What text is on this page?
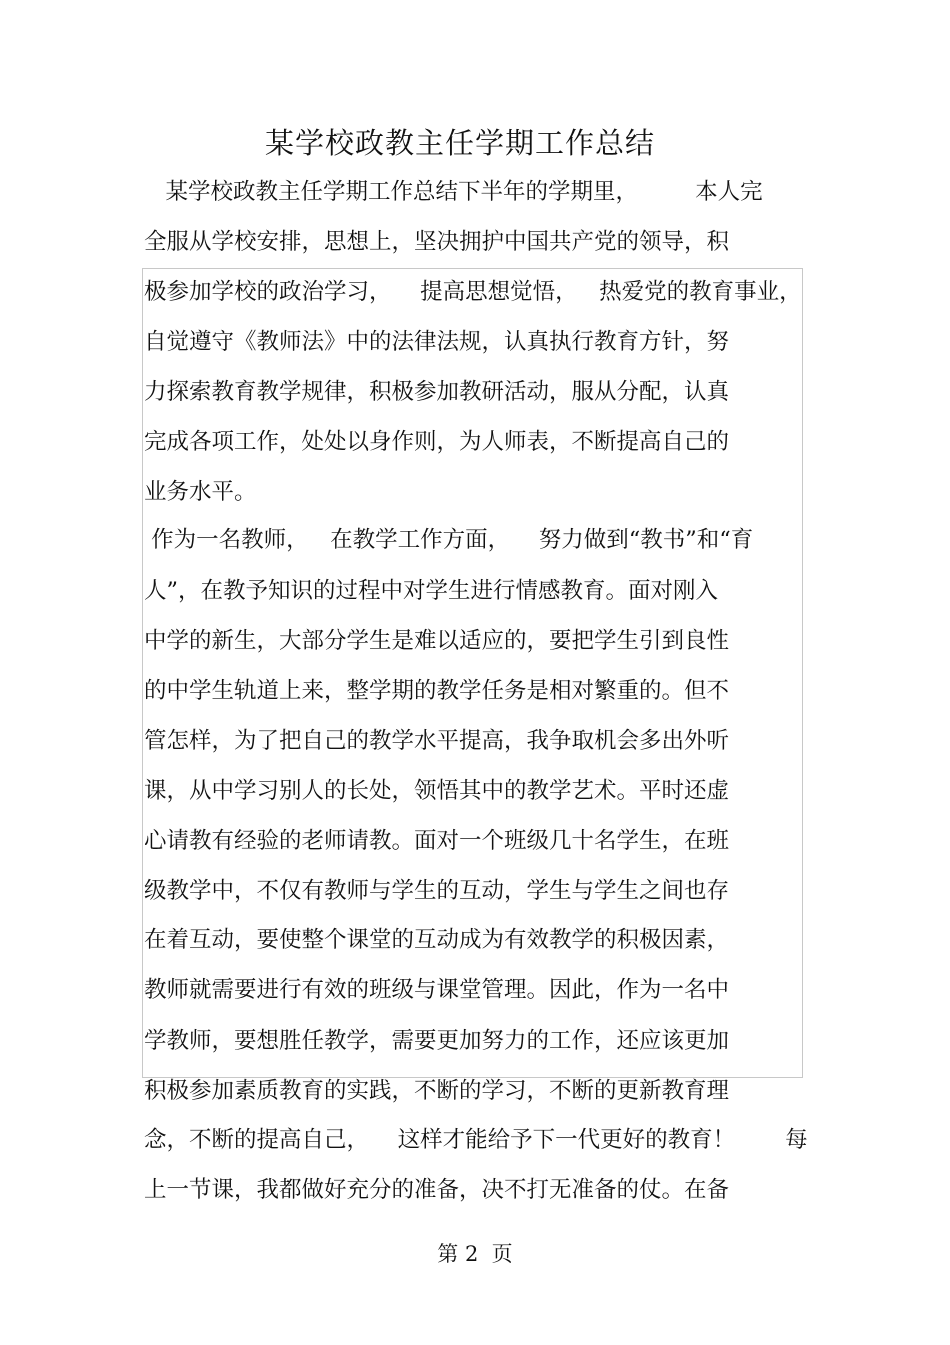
某学校政教主任学期工作总结
某学校政教主任学期工作总结下半年的学期里，        本人完
全服从学校安排，思想上，坚决拥护中国共产党的领导，积
极参加学校的政治学习，    提高思想觉悟，   热爱党的教育事业，
自觉遵守《教师法》中的法律法规，认真执行教育方针，努
力探索教育教学规律，积极参加教研活动，服从分配，认真
完成各项工作，处处以身作则，为人师表，不断提高自己的
业务水平。
作为一名教师，   在教学工作方面，    努力做到“教书”和“育
人”，在教予知识的过程中对学生进行情感教育。面对刚入
中学的新生，大部分学生是难以适应的，要把学生引到良性
的中学生轨道上来，整学期的教学任务是相对繁重的。但不
管怎样，为了把自己的教学水平提高，我争取机会多出外听
课，从中学习别人的长处，领悟其中的教学艺术。平时还虚
心请教有经验的老师请教。面对一个班级几十名学生，在班
级教学中，不仅有教师与学生的互动，学生与学生之间也存
在着互动，要使整个课堂的互动成为有效教学的积极因素，
教师就需要进行有效的班级与课堂管理。因此，作为一名中
学教师，要想胜任教学，需要更加努力的工作，还应该更加
积极参加素质教育的实践，不断的学习，不断的更新教育理
念，不断的提高自己，    这样才能给予下一代更好的教育！       每
上一节课，我都做好充分的准备，决不打无准备的仗。在备
第 2  页
